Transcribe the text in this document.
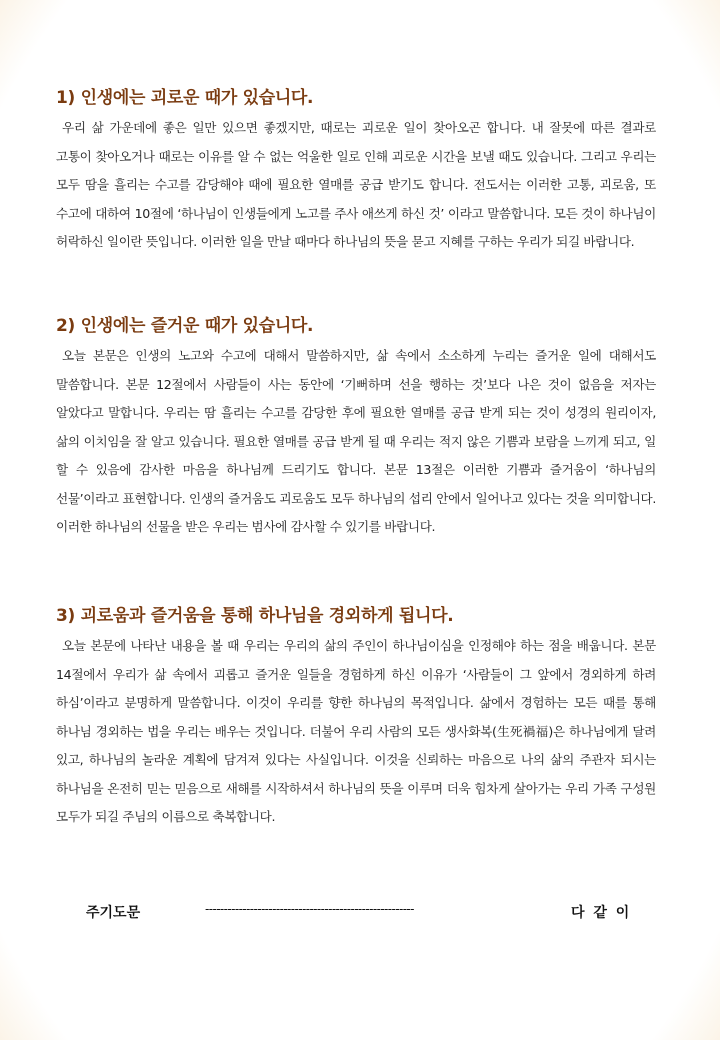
1) 인생에는 괴로운 때가 있습니다.

우리 삶 가운데에 좋은 일만 있으면 좋겠지만, 때로는 괴로운 일이 찾아오곤 합니다. 내 잘못에 따른 결과로 고통이 찾아오거나 때로는 이유를 알 수 없는 억울한 일로 인해 괴로운 시간을 보낼 때도 있습니다. 그리고 우리는 모두 땀을 흘리는 수고를 감당해야 때에 필요한 열매를 공급 받기도 합니다. 전도서는 이러한 고통, 괴로움, 또 수고에 대하여 10절에 ‘하나님이 인생들에게 노고를 주사 애쓰게 하신 것’ 이라고 말씀합니다. 모든 것이 하나님이 허락하신 일이란 뜻입니다. 이러한 일을 만날 때마다 하나님의 뜻을 묻고 지혜를 구하는 우리가 되길 바랍니다.

2) 인생에는 즐거운 때가 있습니다.

오늘 본문은 인생의 노고와 수고에 대해서 말씀하지만, 삶 속에서 소소하게 누리는 즐거운 일에 대해서도 말씀합니다. 본문 12절에서 사람들이 사는 동안에 ‘기뻐하며 선을 행하는 것’보다 나은 것이 없음을 저자는 알았다고 말합니다. 우리는 땀 흘리는 수고를 감당한 후에 필요한 열매를 공급 받게 되는 것이 성경의 원리이자, 삶의 이치임을 잘 알고 있습니다. 필요한 열매를 공급 받게 될 때 우리는 적지 않은 기쁨과 보람을 느끼게 되고, 일 할 수 있음에 감사한 마음을 하나님께 드리기도 합니다. 본문 13절은 이러한 기쁨과 즐거움이 ‘하나님의 선물’이라고 표현합니다. 인생의 즐거움도 괴로움도 모두 하나님의 섭리 안에서 일어나고 있다는 것을 의미합니다. 이러한 하나님의 선물을 받은 우리는 범사에 감사할 수 있기를 바랍니다.

3) 괴로움과 즐거움을 통해 하나님을 경외하게 됩니다.

오늘 본문에 나타난 내용을 볼 때 우리는 우리의 삶의 주인이 하나님이심을 인정해야 하는 점을 배웁니다. 본문 14절에서 우리가 삶 속에서 괴롭고 즐거운 일들을 경험하게 하신 이유가 ‘사람들이 그 앞에서 경외하게 하려 하심’이라고 분명하게 말씀합니다. 이것이 우리를 향한 하나님의 목적입니다. 삶에서 경험하는 모든 때를 통해 하나님 경외하는 법을 우리는 배우는 것입니다. 더불어 우리 사람의 모든 생사화복(生死禍福)은 하나님에게 달려 있고, 하나님의 놀라운 계획에 담겨져 있다는 사실입니다. 이것을 신뢰하는 마음으로 나의 삶의 주관자 되시는 하나님을 온전히 믿는 믿음으로 새해를 시작하셔서 하나님의 뜻을 이루며 더욱 힘차게 살아가는 우리 가족 구성원 모두가 되길 주님의 이름으로 축복합니다.

주기도문	--------------------------------------------------------	다 같 이
